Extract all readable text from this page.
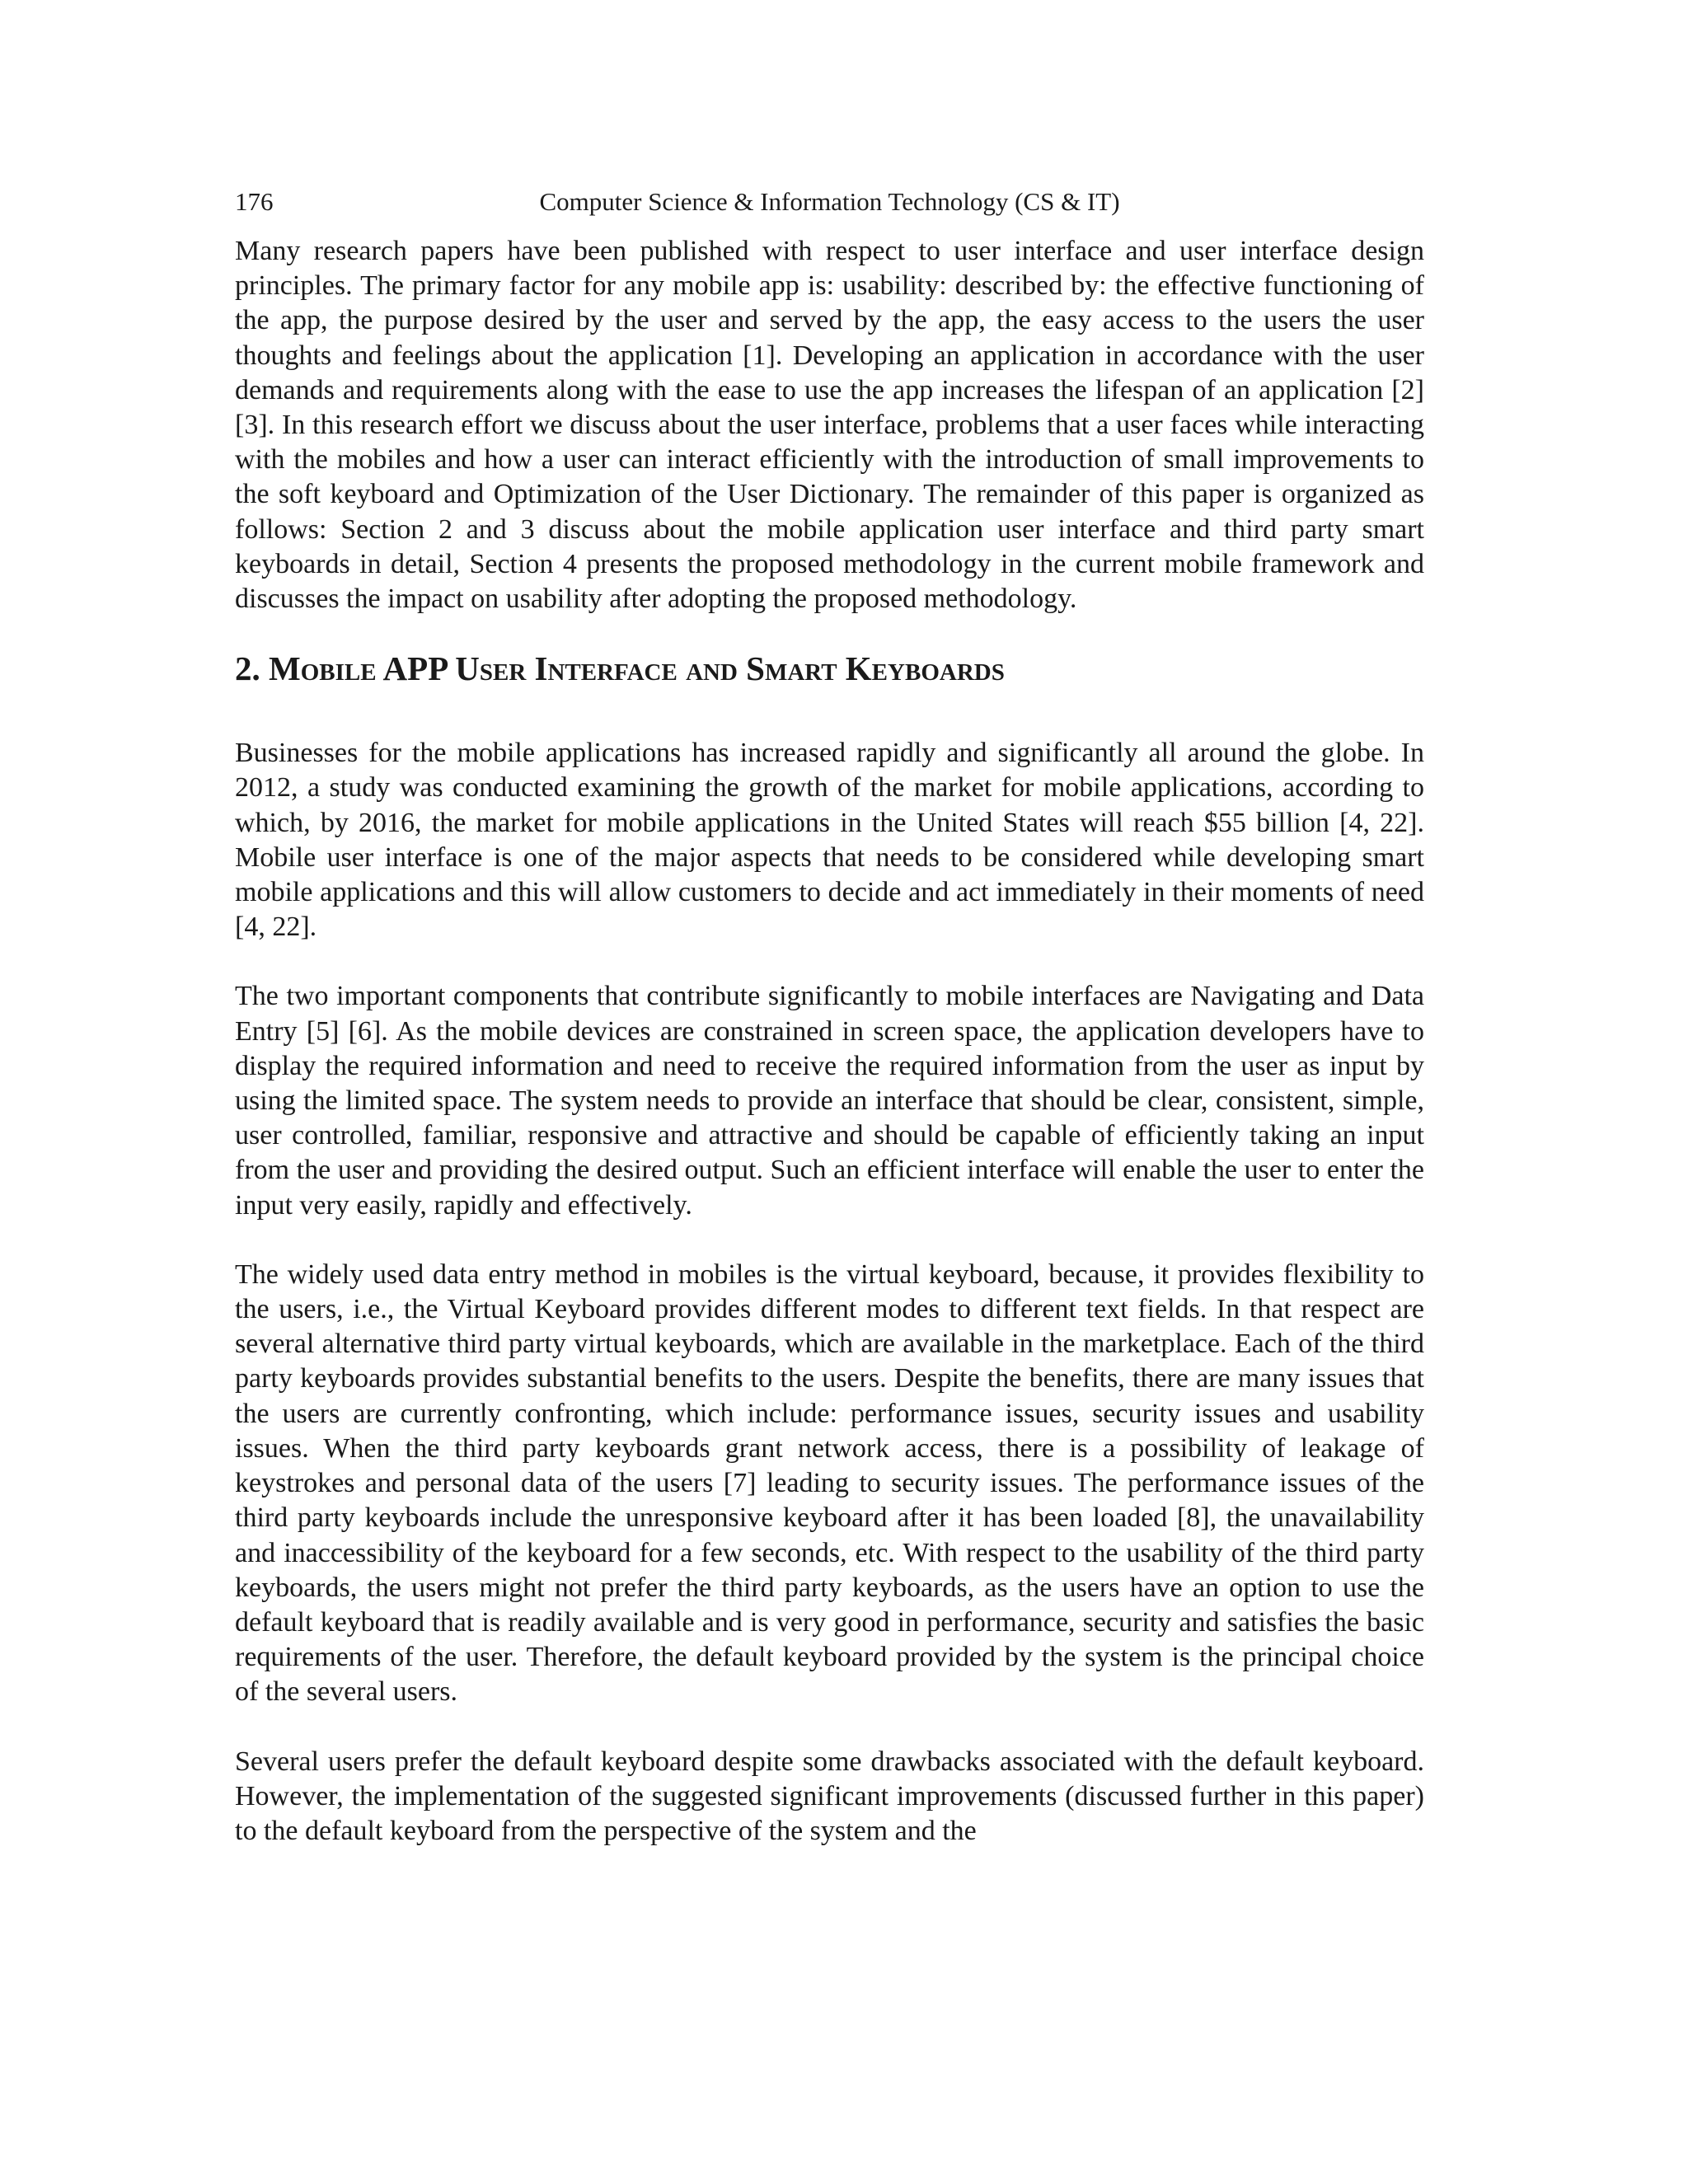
176	Computer Science & Information Technology (CS & IT)

Many research papers have been published with respect to user interface and user interface design principles. The primary factor for any mobile app is: usability: described by: the effective functioning of the app, the purpose desired by the user and served by the app, the easy access to the users the user thoughts and feelings about the application [1]. Developing an application in accordance with the user demands and requirements along with the ease to use the app increases the lifespan of an application [2] [3]. In this research effort we discuss about the user interface, problems that a user faces while interacting with the mobiles and how a user can interact efficiently with the introduction of small improvements to the soft keyboard and Optimization of the User Dictionary. The remainder of this paper is organized as follows: Section 2 and 3 discuss about the mobile application user interface and third party smart keyboards in detail, Section 4 presents the proposed methodology in the current mobile framework and discusses the impact on usability after adopting the proposed methodology.

2. Mobile APP User Interface and Smart Keyboards

Businesses for the mobile applications has increased rapidly and significantly all around the globe. In 2012, a study was conducted examining the growth of the market for mobile applications, according to which, by 2016, the market for mobile applications in the United States will reach $55 billion [4, 22]. Mobile user interface is one of the major aspects that needs to be considered while developing smart mobile applications and this will allow customers to decide and act immediately in their moments of need [4, 22].

The two important components that contribute significantly to mobile interfaces are Navigating and Data Entry [5] [6]. As the mobile devices are constrained in screen space, the application developers have to display the required information and need to receive the required information from the user as input by using the limited space. The system needs to provide an interface that should be clear, consistent, simple, user controlled, familiar, responsive and attractive and should be capable of efficiently taking an input from the user and providing the desired output. Such an efficient interface will enable the user to enter the input very easily, rapidly and effectively.

The widely used data entry method in mobiles is the virtual keyboard, because, it provides flexibility to the users, i.e., the Virtual Keyboard provides different modes to different text fields. In that respect are several alternative third party virtual keyboards, which are available in the marketplace. Each of the third party keyboards provides substantial benefits to the users. Despite the benefits, there are many issues that the users are currently confronting, which include: performance issues, security issues and usability issues. When the third party keyboards grant network access, there is a possibility of leakage of keystrokes and personal data of the users [7] leading to security issues. The performance issues of the third party keyboards include the unresponsive keyboard after it has been loaded [8], the unavailability and inaccessibility of the keyboard for a few seconds, etc. With respect to the usability of the third party keyboards, the users might not prefer the third party keyboards, as the users have an option to use the default keyboard that is readily available and is very good in performance, security and satisfies the basic requirements of the user. Therefore, the default keyboard provided by the system is the principal choice of the several users.

Several users prefer the default keyboard despite some drawbacks associated with the default keyboard. However, the implementation of the suggested significant improvements (discussed further in this paper) to the default keyboard from the perspective of the system and the
